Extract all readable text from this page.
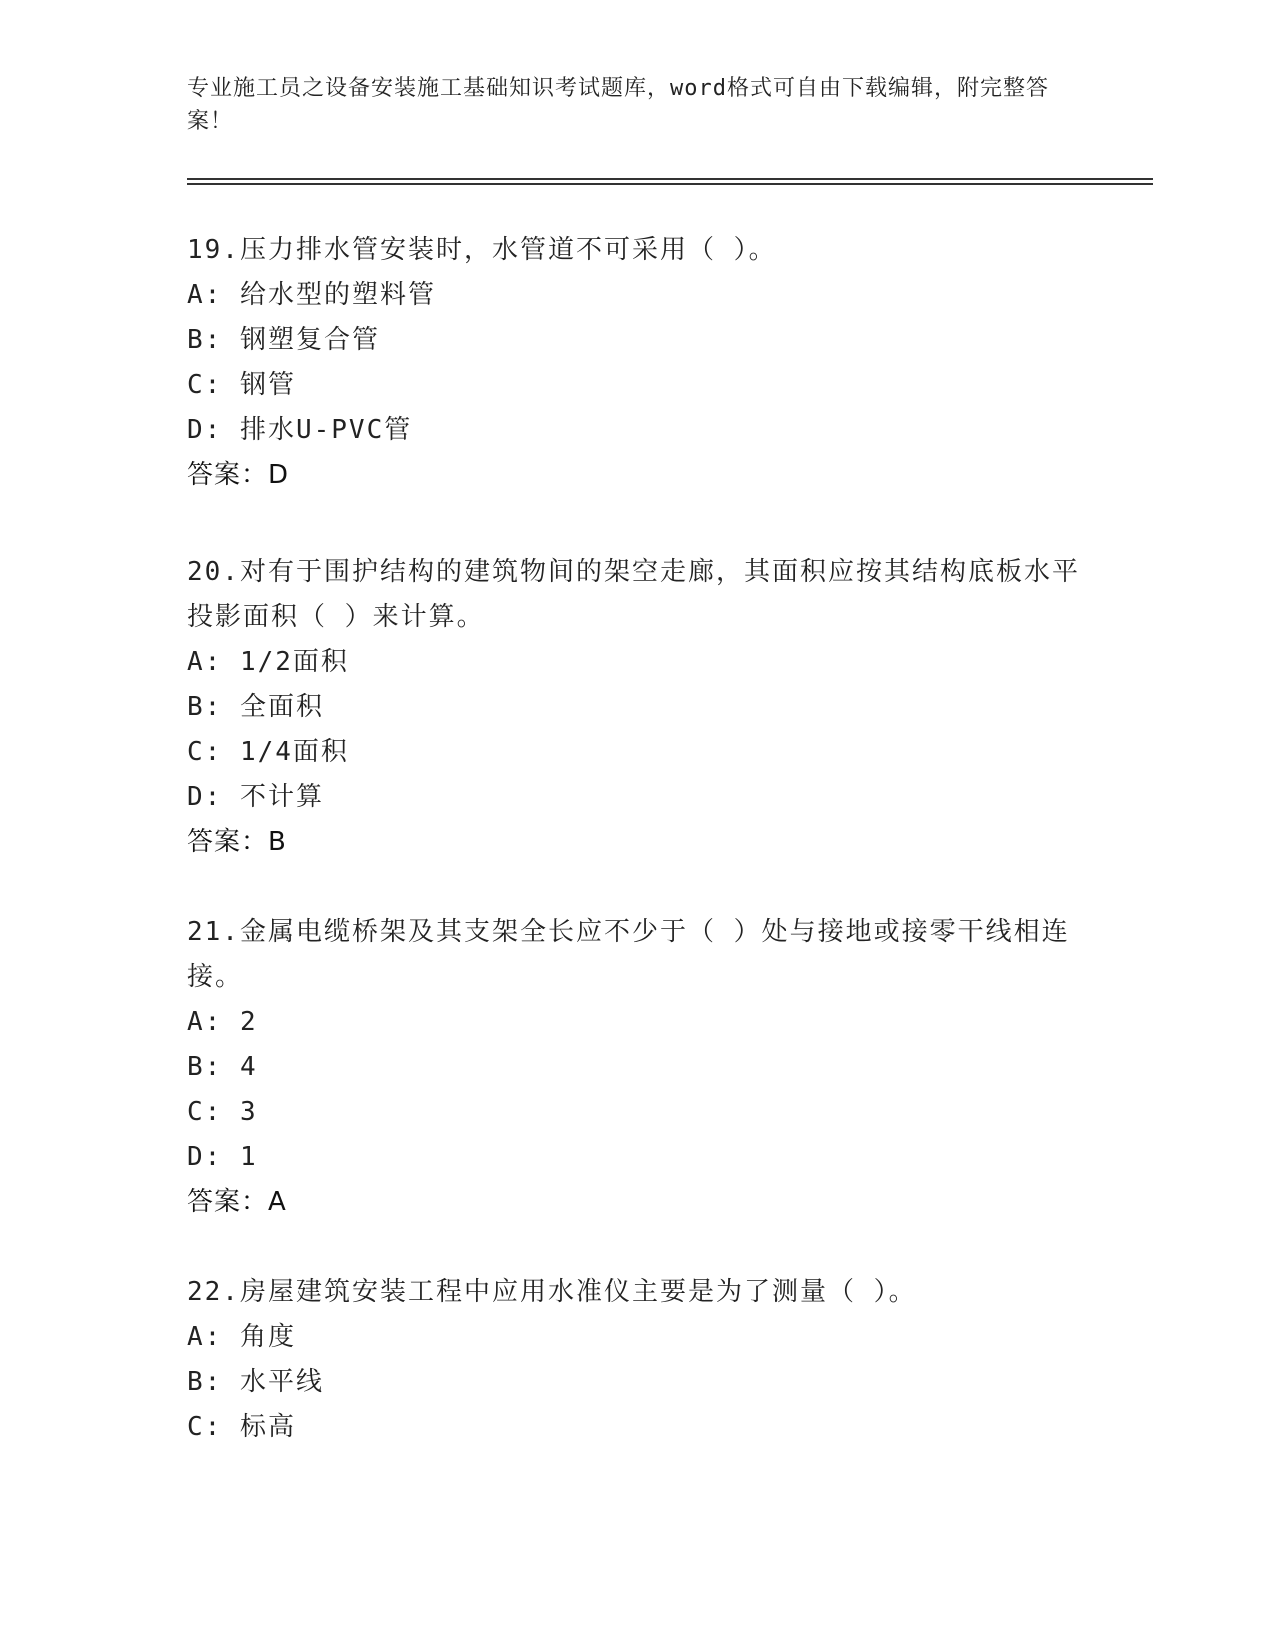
专业施工员之设备安装施工基础知识考试题库，word格式可自由下载编辑，附完整答案！

19.压力排水管安装时，水管道不可采用（ ）。

A: 给水型的塑料管

B: 钢塑复合管

C: 钢管

D: 排水U-PVC管

答案：D

20.对有于围护结构的建筑物间的架空走廊，其面积应按其结构底板水平投影面积（ ）来计算。

A: 1/2面积

B: 全面积

C: 1/4面积

D: 不计算

答案：B

21.金属电缆桥架及其支架全长应不少于（ ）处与接地或接零干线相连接。

A: 2

B: 4

C: 3

D: 1

答案：A

22.房屋建筑安装工程中应用水准仪主要是为了测量（ ）。

A: 角度

B: 水平线

C: 标高
